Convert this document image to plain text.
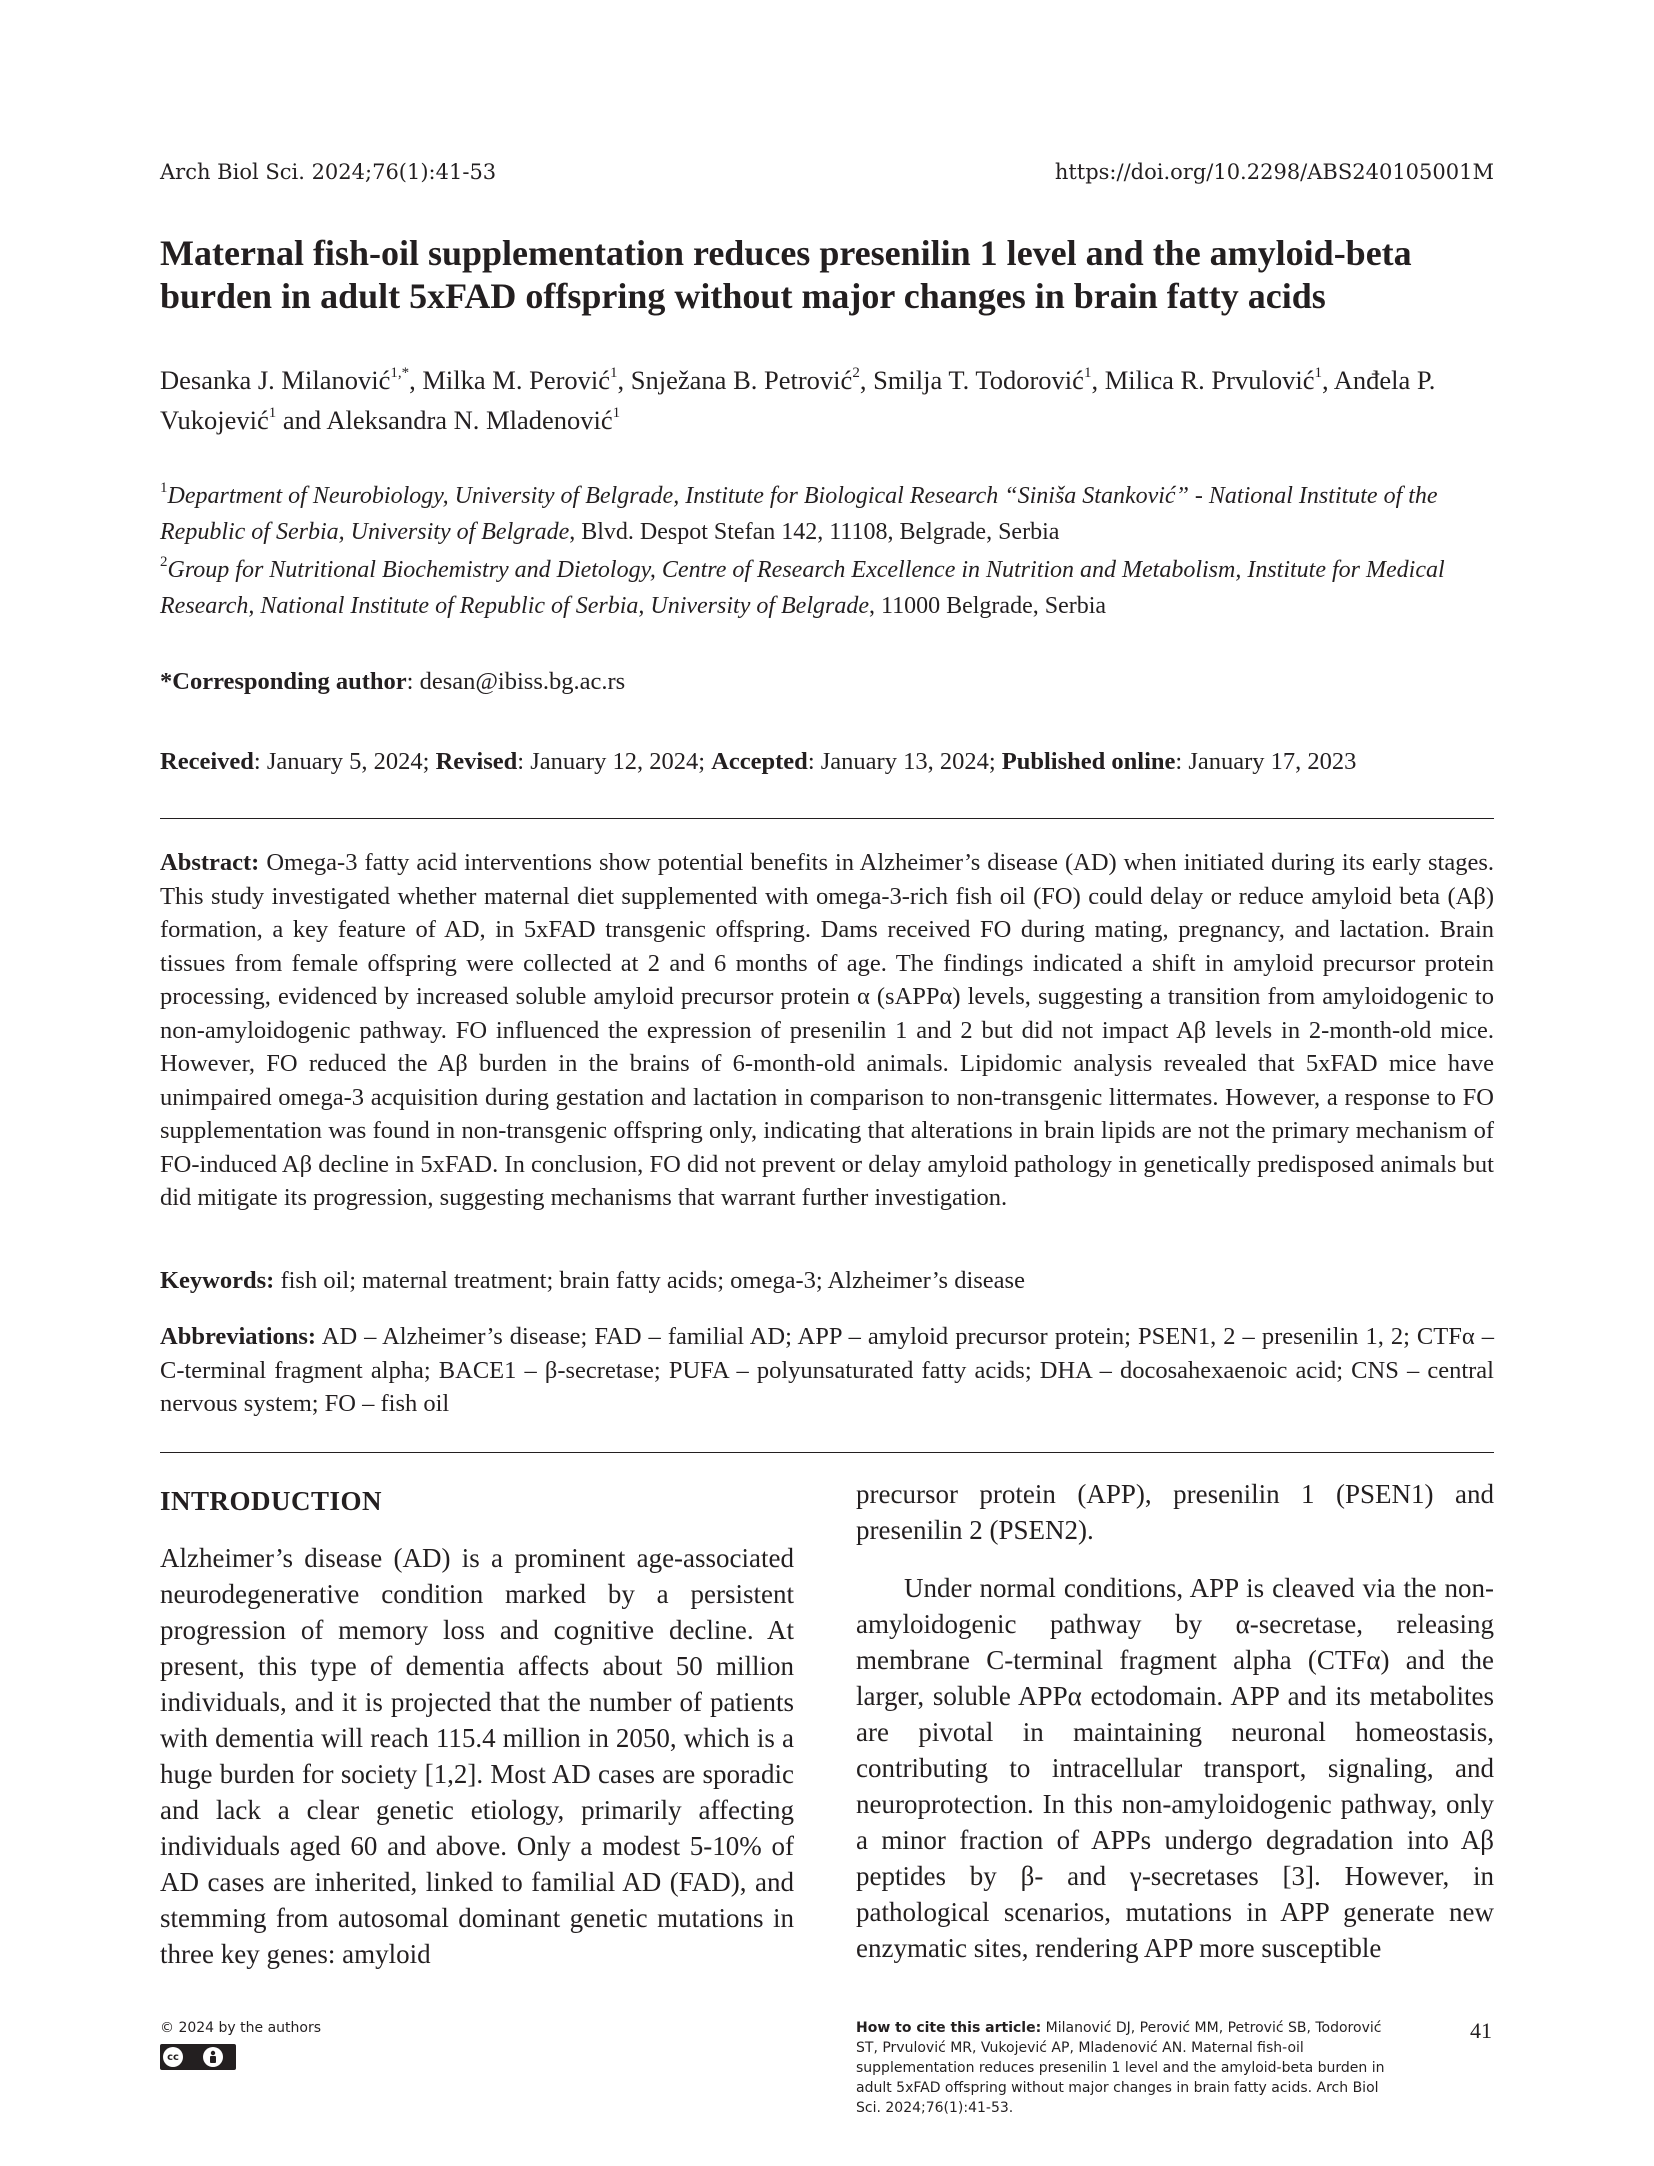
Arch Biol Sci. 2024;76(1):41-53	https://doi.org/10.2298/ABS240105001M
Maternal fish-oil supplementation reduces presenilin 1 level and the amyloid-beta burden in adult 5xFAD offspring without major changes in brain fatty acids

Desanka J. Milanović$^{1,*}$, Milka M. Perović$^1$, Snježana B. Petrović$^2$, Smilja T. Todorović$^1$, Milica R. Prvulović$^1$, Anđela P. Vukojević$^1$ and Aleksandra N. Mladenović$^1$

$^1$Department of Neurobiology, University of Belgrade, Institute for Biological Research “Siniša Stanković” - National Institute of the Republic of Serbia, University of Belgrade, Blvd. Despot Stefan 142, 11108, Belgrade, Serbia

$^2$Group for Nutritional Biochemistry and Dietology, Centre of Research Excellence in Nutrition and Metabolism, Institute for Medical Research, National Institute of Republic of Serbia, University of Belgrade, 11000 Belgrade, Serbia

*Corresponding author: desan@ibiss.bg.ac.rs

Received: January 5, 2024; Revised: January 12, 2024; Accepted: January 13, 2024; Published online: January 17, 2023

Abstract: Omega-3 fatty acid interventions show potential benefits in Alzheimer’s disease (AD) when initiated during its early stages. This study investigated whether maternal diet supplemented with omega-3-rich fish oil (FO) could delay or reduce amyloid beta (Aβ) formation, a key feature of AD, in 5xFAD transgenic offspring. Dams received FO during mating, pregnancy, and lactation. Brain tissues from female offspring were collected at 2 and 6 months of age. The findings indicated a shift in amyloid precursor protein processing, evidenced by increased soluble amyloid precursor protein α (sAPPα) levels, suggesting a transition from amyloidogenic to non-amyloidogenic pathway. FO influenced the expression of presenilin 1 and 2 but did not impact Aβ levels in 2-month-old mice. However, FO reduced the Aβ burden in the brains of 6-month-old animals. Lipidomic analysis revealed that 5xFAD mice have unimpaired omega-3 acquisition during gestation and lactation in comparison to non-transgenic littermates. However, a response to FO supplementation was found in non-transgenic offspring only, indicating that alterations in brain lipids are not the primary mechanism of FO-induced Aβ decline in 5xFAD. In conclusion, FO did not prevent or delay amyloid pathology in genetically predisposed animals but did mitigate its progression, suggesting mechanisms that warrant further investigation.

Keywords: fish oil; maternal treatment; brain fatty acids; omega-3; Alzheimer’s disease

Abbreviations: AD – Alzheimer’s disease; FAD – familial AD; APP – amyloid precursor protein; PSEN1, 2 – presenilin 1, 2; CTFα – C-terminal fragment alpha; BACE1 – β-secretase; PUFA – polyunsaturated fatty acids; DHA – docosahexaenoic acid; CNS – central nervous system; FO – fish oil

INTRODUCTION

Alzheimer’s disease (AD) is a prominent age-associated neurodegenerative condition marked by a persistent progression of memory loss and cognitive decline. At present, this type of dementia affects about 50 million individuals, and it is projected that the number of patients with dementia will reach 115.4 million in 2050, which is a huge burden for society [1,2]. Most AD cases are sporadic and lack a clear genetic etiology, primarily affecting individuals aged 60 and above. Only a modest 5-10% of AD cases are inherited, linked to familial AD (FAD), and stemming from autosomal dominant genetic mutations in three key genes: amyloid

precursor protein (APP), presenilin 1 (PSEN1) and presenilin 2 (PSEN2).

Under normal conditions, APP is cleaved via the non-amyloidogenic pathway by α-secretase, releasing membrane C-terminal fragment alpha (CTFα) and the larger, soluble APPα ectodomain. APP and its metabolites are pivotal in maintaining neuronal homeostasis, contributing to intracellular transport, signaling, and neuroprotection. In this non-amyloidogenic pathway, only a minor fraction of APPs undergo degradation into Aβ peptides by β- and γ-secretases [3]. However, in pathological scenarios, mutations in APP generate new enzymatic sites, rendering APP more susceptible

© 2024 by the authors
cc

How to cite this article: Milanović DJ, Perović MM, Petrović SB, Todorović ST, Prvulović MR, Vukojević AP, Mladenović AN. Maternal fish-oil supplementation reduces presenilin 1 level and the amyloid-beta burden in adult 5xFAD offspring without major changes in brain fatty acids. Arch Biol Sci. 2024;76(1):41-53.

41
